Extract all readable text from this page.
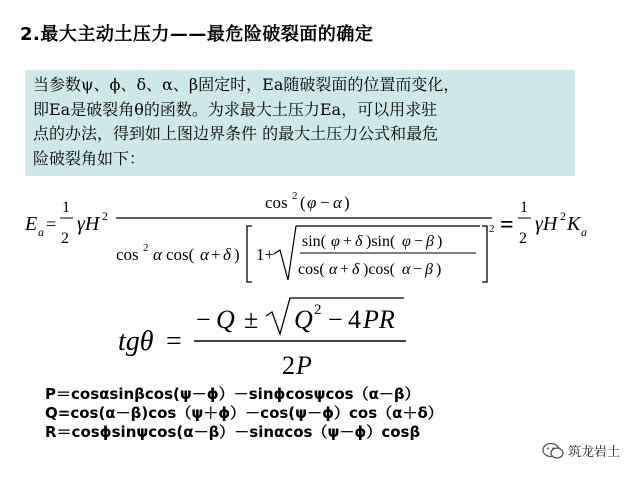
2.最大主动土压力——最危险破裂面的确定
当参数ψ、ϕ、δ、α、β固定时，Ea随破裂面的位置而变化，
即Ea是破裂角θ的函数。为求最大土压力Ea，可以用求驻
点的办法，得到如上图边界条件 的最大土压力公式和最危
险破裂角如下：
E a =
1
2
γH 2
cos 2 ( φ − α )
cos 2 α cos( α + δ )
2
1+
sin( φ + δ )sin( φ − β )
cos( α + δ )cos( α − β )
=
1
2
γH 2 K a
tgθ =
− Q ± Q 2 − 4 PR
2 P
P＝cosαsinβcos(ψ－ϕ）－sinϕcosψcos（α－β）
Q=cos(α－β)cos（ψ＋ϕ）－cos(ψ－ϕ）cos（α＋δ）
R＝cosϕsinψcos(α－β）－sinαcos（ψ－ϕ）cosβ
筑龙岩土
